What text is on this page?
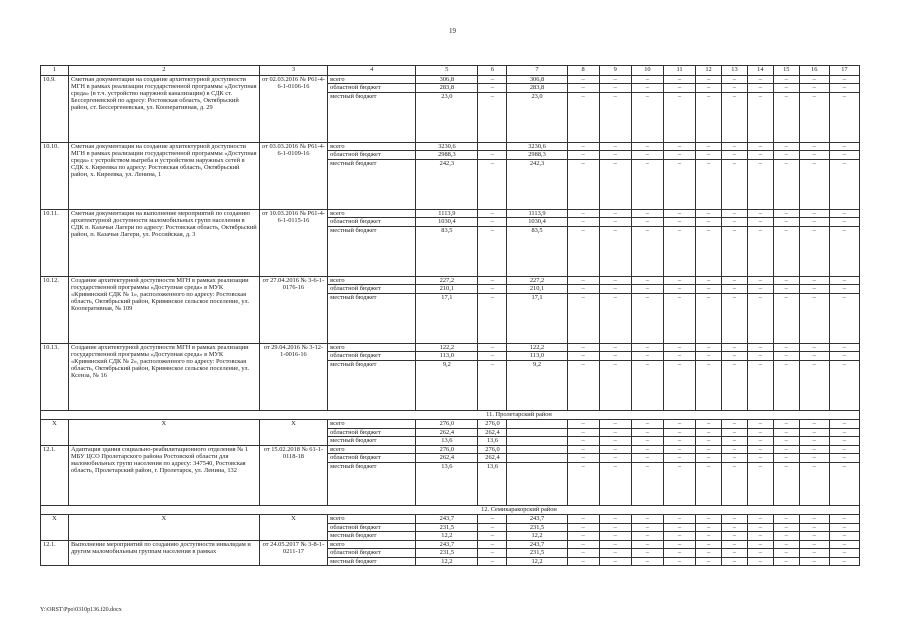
19
1	2	3	4	5	6	7	8	9	10	11	12	13	14	15	16	17
10.9.	Сметная документация на создание архитектурной доступности МГН в рамках реализации государственной программы «Доступная среда» (в т.ч. устройство наружной канализации) в СДК ст. Бессергеневской по адресу: Ростовская область, Октябрьский район, ст. Бессергеневская, ул. Кооперативная, д. 29	от 02.03.2016 № Р61-4-6-1-0106-16	всего	306,8	–	306,8	–	–	–	–	–	–	–	–	–	–
			областной бюджет	283,8	–	283,8	–	–	–	–	–	–	–	–	–	–
			местный бюджет	23,0	–	23,0	–	–	–	–	–	–	–	–	–	–
10.10.	Сметная документация на создание архитектурной доступности МГН в рамках реализации государственной программы «Доступная среда» с устройством выгреба и устройством наружных сетей в СДК х. Киреевка по адресу: Ростовская область, Октябрьский район, х. Киреевка, ул. Ленина, 1	от 03.03.2016 № Р61-4-6-1-0109-16	всего	3230,6		3230,6	–	–	–	–	–	–	–	–	–	–
			областной бюджет	2988,3	–	2988,3	–	–	–	–	–	–	–	–	–	–
			местный бюджет	242,3	–	242,3	–	–	–	–	–	–	–	–	–	–
10.11.	Сметная документация на выполнение мероприятий по созданию архитектурной доступности маломобильных групп населения в СДК п. Казачьи Лагери по адресу: Ростовская область, Октябрьский район, п. Казачьи Лагери, ул. Российская, д. 3	от 10.03.2016 № Р61-4-6-1-0115-16	всего	1113,9	–	1113,9	–	–	–	–	–	–	–	–	–	–
			областной бюджет	1030,4	–	1030,4	–	–	–	–	–	–	–	–	–	–
			местный бюджет	83,5	–	83,5	–	–	–	–	–	–	–	–	–	–
10.12.	Создание архитектурной доступности МГН в рамках реализации государственной программы «Доступная среда» в МУК «Кривянский СДК № 1», расположенного по адресу: Ростовская область, Октябрьский район, Кривянское сельское поселение, ул. Кооперативная, № 109	от 27.04.2016 № 3-6-1-0176-16	всего	227,2	–	227,2	–	–	–	–	–	–	–	–	–	–
			областной бюджет	210,1	–	210,1	–	–	–	–	–	–	–	–	–	–
			местный бюджет	17,1	–	17,1	–	–	–	–	–	–	–	–	–	–
10.13.	Создание архитектурной доступности МГН в рамках реализации государственной программы «Доступная среда» в МУК «Кривянский СДК № 2», расположенного по адресу: Ростовская область, Октябрьский район, Кривянское сельское поселение, ул. Ксенза, № 16	от 29.04.2016 № 3-12-1-0016-16	всего	122,2	–	122,2	–	–	–	–	–	–	–	–	–	–
			областной бюджет	113,0	–	113,0	–	–	–	–	–	–	–	–	–	–
			местный бюджет	9,2	–	9,2	–	–	–	–	–	–	–	–	–	–
11. Пролетарский район																
Х	Х	Х	всего	276,0	276,0		–	–	–	–	–	–	–	–	–	–
			областной бюджет	262,4	262,4		–	–	–	–	–	–	–	–	–	–
			местный бюджет	13,6	13,6		–	–	–	–	–	–	–	–	–	–
12.1.	Адаптация здания социально-реабилитационного отделения № 1 МБУ ЦСО Пролетарского района Ростовской области для маломобильных групп населения по адресу: 347540, Ростовская область, Пролетарский район, г. Пролетарск, ул. Ленина, 132	от 15.02.2018 № 61-1-0118-18	всего	276,0	276,0		–	–	–	–	–	–	–	–	–	–
			областной бюджет	262,4	262,4		–	–	–	–	–	–	–	–	–	–
			местный бюджет	13,6	13,6		–	–	–	–	–	–	–	–	–	–
12. Семикаракорский район																
Х	Х	Х	всего	243,7	–	243,7	–	–	–	–	–	–	–	–	–	–
			областной бюджет	231,5	–	231,5	–	–	–	–	–	–	–	–	–	–
			местный бюджет	12,2	–	12,2	–	–	–	–	–	–	–	–	–	–
12.1.	Выполнение мероприятий по созданию доступности инвалидам и другим маломобильным группам населения в рамках	от 24.05.2017 № 3-8-1-0211-17	всего	243,7	–	243,7	–	–	–	–	–	–	–	–	–	–
			областной бюджет	231,5	–	231,5	–	–	–	–	–	–	–	–	–	–
			местный бюджет	12,2	–	12,2	–	–	–	–	–	–	–	–	–	–
Y:\ORST\Ppo\0310p136.f20.docx
